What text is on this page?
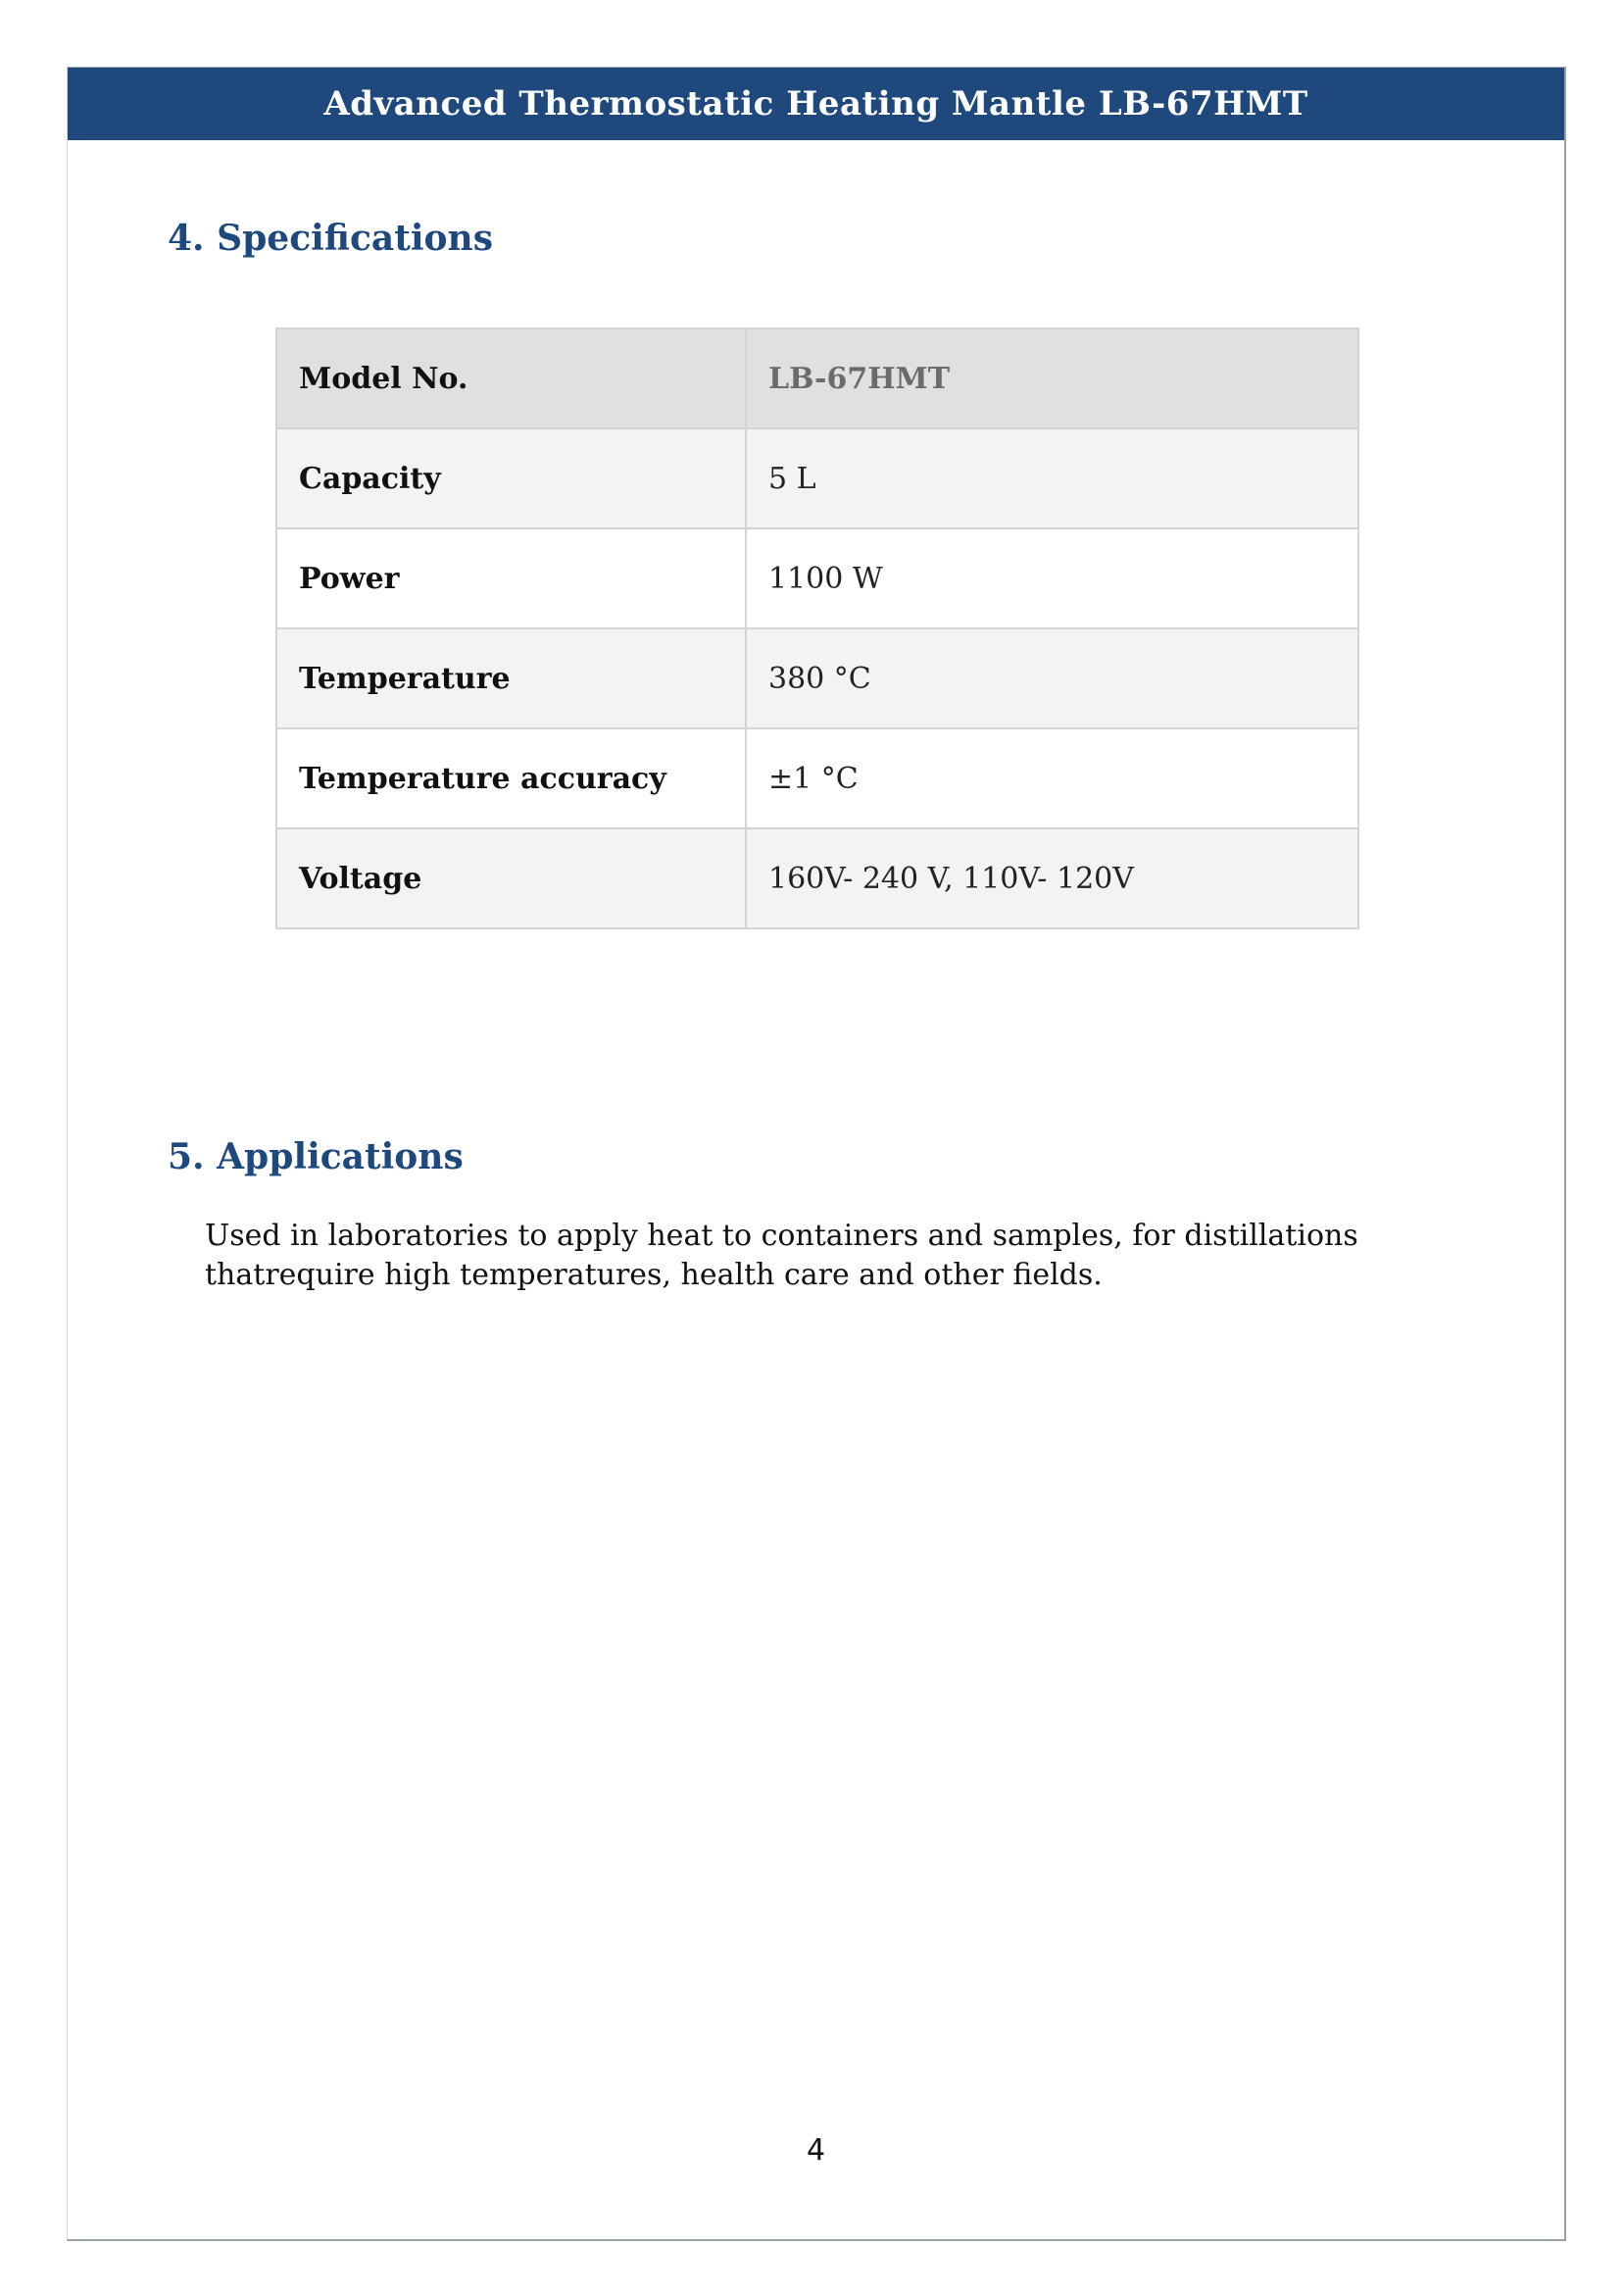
Advanced Thermostatic Heating Mantle LB-67HMT
4. Specifications
Model No.	LB-67HMT
Capacity	5 L
Power	1100 W
Temperature	380 °C
Temperature accuracy	±1 °C
Voltage	160V- 240 V, 110V- 120V
5. Applications

Used in laboratories to apply heat to containers and samples, for distillations thatrequire high temperatures, health care and other fields.

4
